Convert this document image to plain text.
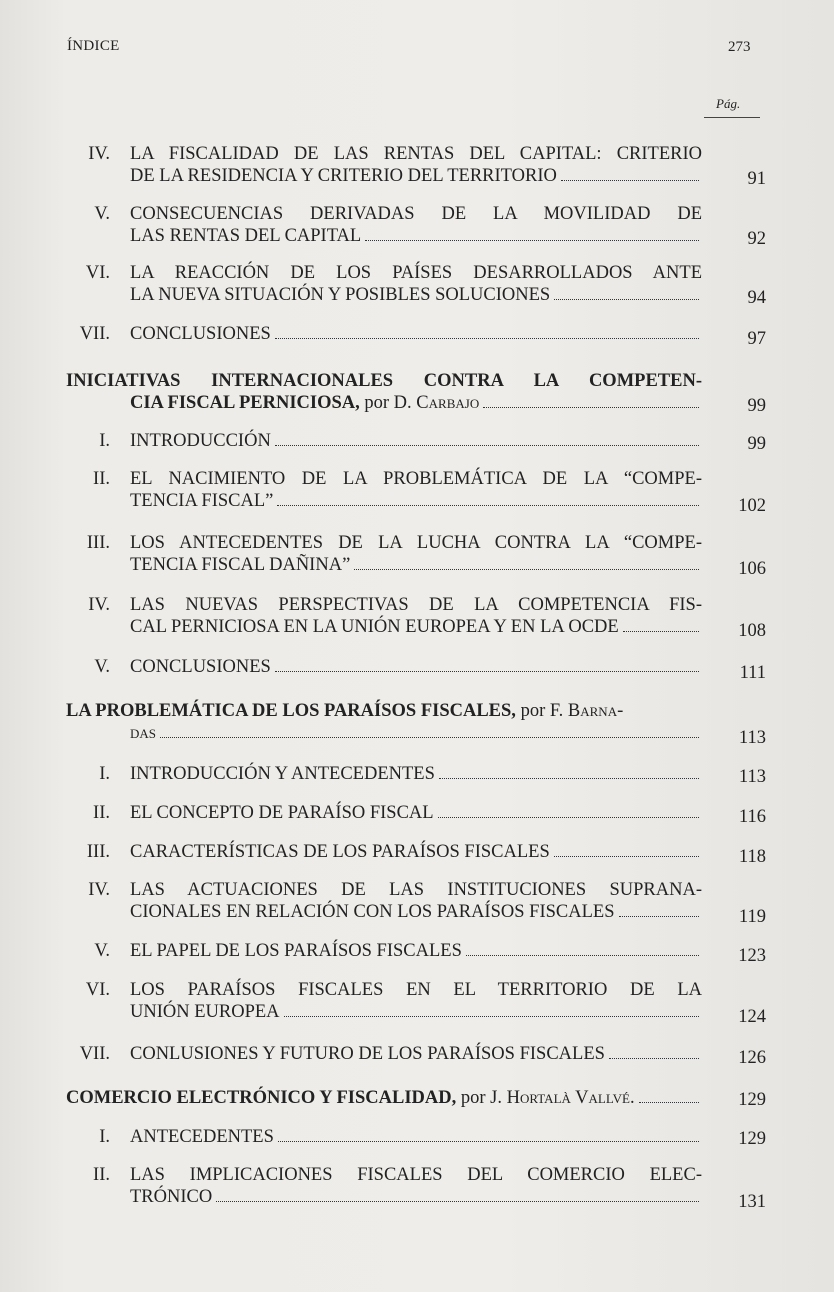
ÍNDICE	273
Pág.
IV. LA FISCALIDAD DE LAS RENTAS DEL CAPITAL: CRITERIO
DE LA RESIDENCIA Y CRITERIO DEL TERRITORIO	91
V. CONSECUENCIAS DERIVADAS DE LA MOVILIDAD DE
LAS RENTAS DEL CAPITAL	92
VI. LA REACCIÓN DE LOS PAÍSES DESARROLLADOS ANTE
LA NUEVA SITUACIÓN Y POSIBLES SOLUCIONES	94
VII. CONCLUSIONES	97
INICIATIVAS INTERNACIONALES CONTRA LA COMPETEN-
CIA FISCAL PERNICIOSA, por D. Carbajo	99
I. INTRODUCCIÓN	99
II. EL NACIMIENTO DE LA PROBLEMÁTICA DE LA “COMPE-
TENCIA FISCAL”	102
III. LOS ANTECEDENTES DE LA LUCHA CONTRA LA “COMPE-
TENCIA FISCAL DAÑINA”	106
IV. LAS NUEVAS PERSPECTIVAS DE LA COMPETENCIA FIS-
CAL PERNICIOSA EN LA UNIÓN EUROPEA Y EN LA OCDE	108
V. CONCLUSIONES	111
LA PROBLEMÁTICA DE LOS PARAÍSOS FISCALES, por F. Barna-
das	113
I. INTRODUCCIÓN Y ANTECEDENTES	113
II. EL CONCEPTO DE PARAÍSO FISCAL	116
III. CARACTERÍSTICAS DE LOS PARAÍSOS FISCALES	118
IV. LAS ACTUACIONES DE LAS INSTITUCIONES SUPRANA-
CIONALES EN RELACIÓN CON LOS PARAÍSOS FISCALES	119
V. EL PAPEL DE LOS PARAÍSOS FISCALES	123
VI. LOS PARAÍSOS FISCALES EN EL TERRITORIO DE LA
UNIÓN EUROPEA	124
VII. CONLUSIONES Y FUTURO DE LOS PARAÍSOS FISCALES	126
COMERCIO ELECTRÓNICO Y FISCALIDAD, por J. Hortalà Vallvé.	129
I. ANTECEDENTES	129
II. LAS IMPLICACIONES FISCALES DEL COMERCIO ELEC-
TRÓNICO	131
